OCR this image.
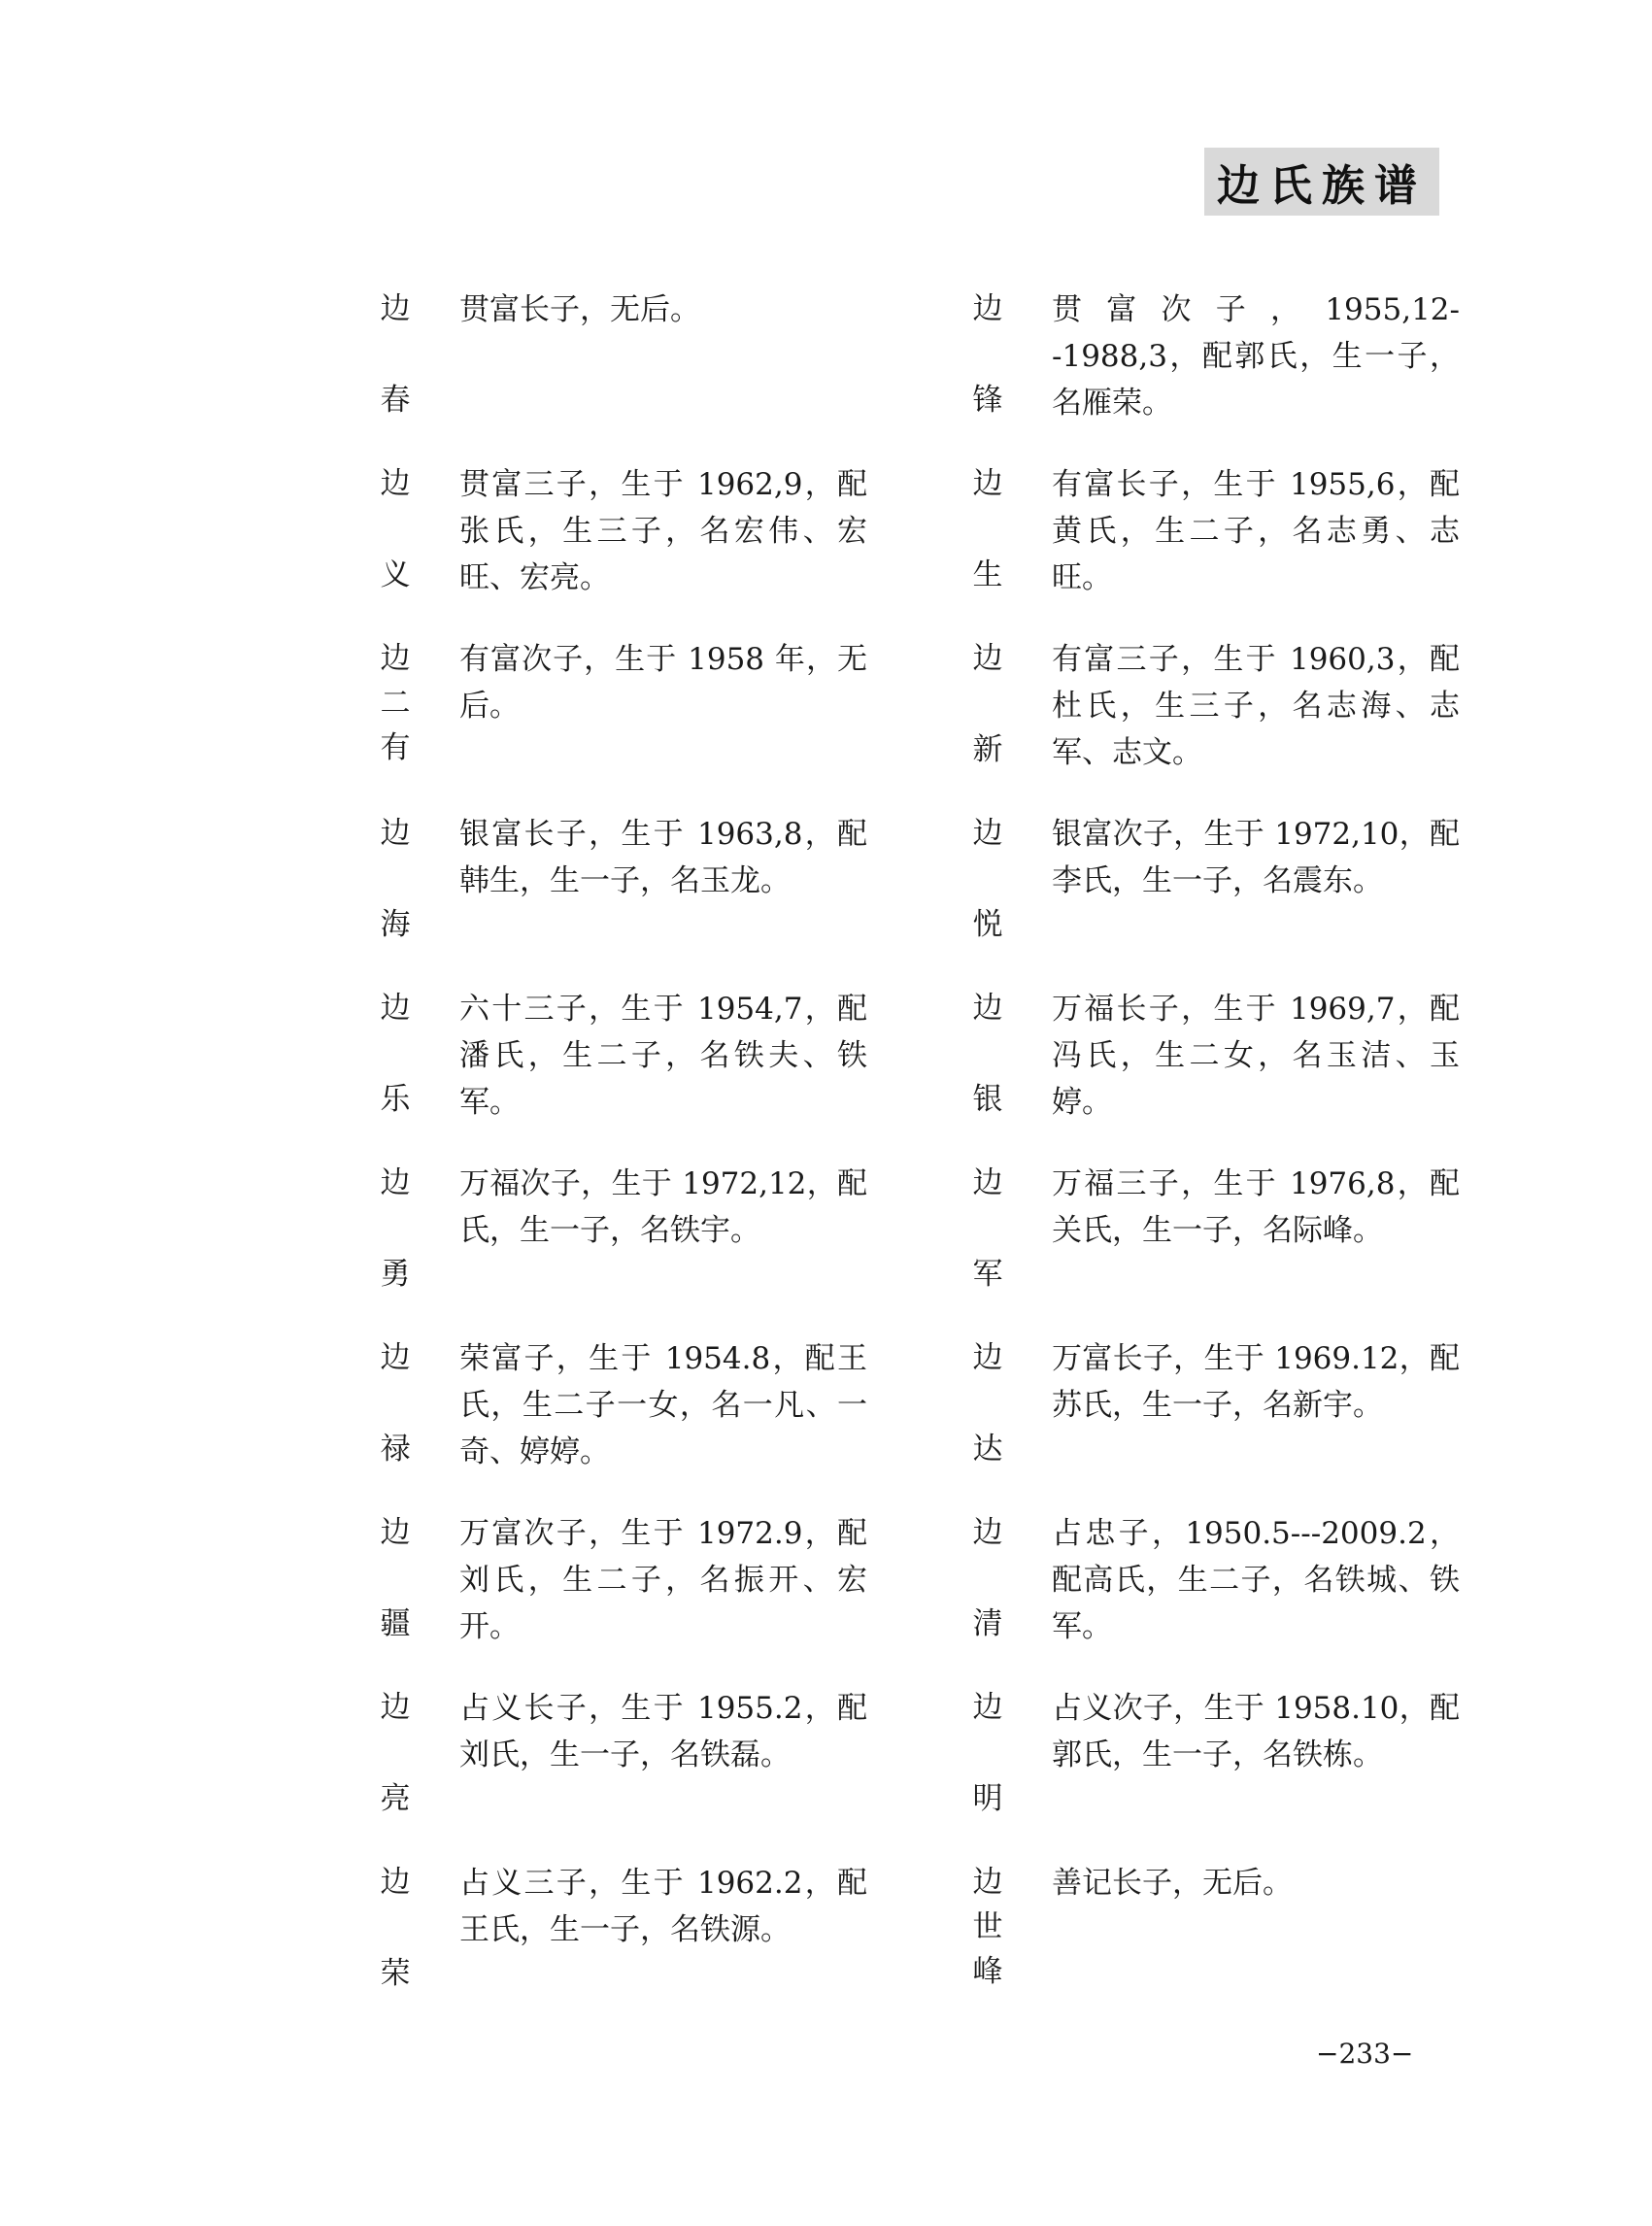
边氏族谱
边
春
贯富长子，无后。
边
义
贯富三子，生于 1962,9，配张氏，生三子，名宏伟、宏 旺、宏亮。
边
二
有
有富次子，生于 1958 年，无后。
边
海
银富长子，生于 1963,8，配韩生，生一子，名玉龙。
边
乐
六十三子，生于 1954,7，配潘氏，生二子，名铁夫、铁军。
边
勇
万福次子，生于 1972,12，配氏，生一子，名铁宇。
边
禄
荣富子，生于 1954.8，配王氏，生二子一女，名一凡、一奇、婷婷。
边
疆
万富次子，生于 1972.9，配刘氏，生二子，名振开、宏开。
边
亮
占义长子，生于 1955.2，配刘氏，生一子，名铁磊。
边
荣
占义三子，生于 1962.2，配王氏，生一子，名铁源。
边
锋
贯富次子，1955,12--1988,3，配郭氏，生一子，名雁荣。
边
生
有富长子，生于 1955,6，配黄氏，生二子，名志勇、志旺。
边
新
有富三子，生于 1960,3，配杜氏，生三子，名志海、志军、志文。
边
悦
银富次子，生于 1972,10，配李氏，生一子，名震东。
边
银
万福长子，生于 1969,7，配冯氏，生二女，名玉洁、玉婷。
边
军
万福三子，生于 1976,8，配关氏，生一子，名际峰。
边
达
万富长子，生于 1969.12，配苏氏，生一子，名新宇。
边
清
占忠子，1950.5---2009.2，配高氏，生二子，名铁城、铁军。
边
明
占义次子，生于 1958.10，配郭氏，生一子，名铁栋。
边
世
峰
善记长子，无后。
−233−
